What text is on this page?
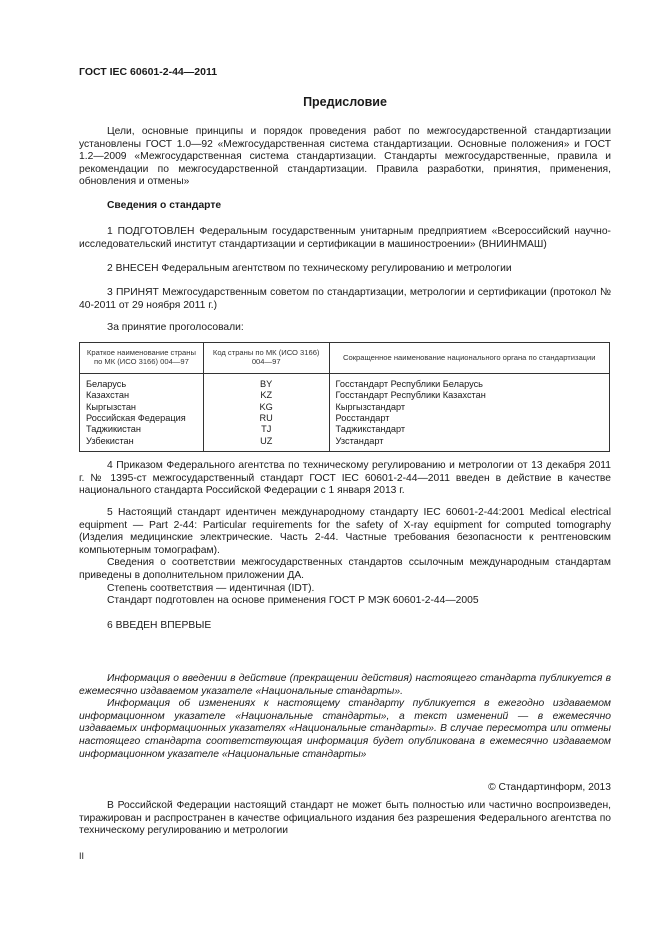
ГОСТ IEC 60601-2-44—2011
Предисловие

Цели, основные принципы и порядок проведения работ по межгосударственной стандартизации установлены ГОСТ 1.0—92 «Межгосударственная система стандартизации. Основные положения» и ГОСТ 1.2—2009 «Межгосударственная система стандартизации. Стандарты межгосударственные, правила и рекомендации по межгосударственной стандартизации. Правила разработки, принятия, применения, обновления и отмены»

Сведения о стандарте

1 ПОДГОТОВЛЕН Федеральным государственным унитарным предприятием «Всероссийский научно-исследовательский институт стандартизации и сертификации в машиностроении» (ВНИИНМАШ)

2 ВНЕСЕН Федеральным агентством по техническому регулированию и метрологии

3 ПРИНЯТ Межгосударственным советом по стандартизации, метрологии и сертификации (протокол № 40-2011 от 29 ноября 2011 г.)

За принятие проголосовали:

Краткое наименование страны по МК (ИСО 3166) 004—97	Код страны по МК (ИСО 3166) 004—97	Сокращенное наименование национального органа по стандартизации
Беларусь	BY	Госстандарт Республики Беларусь
Казахстан	KZ	Госстандарт Республики Казахстан
Кыргызстан	KG	Кыргызстандарт
Российская Федерация	RU	Росстандарт
Таджикистан	TJ	Таджикстандарт
Узбекистан	UZ	Узстандарт

4 Приказом Федерального агентства по техническому регулированию и метрологии от 13 декабря 2011 г. № 1395-ст межгосударственный стандарт ГОСТ IEC 60601-2-44—2011 введен в действие в качестве национального стандарта Российской Федерации с 1 января 2013 г.

5 Настоящий стандарт идентичен международному стандарту IEC 60601-2-44:2001 Medical electrical equipment — Part 2-44: Particular requirements for the safety of X-ray equipment for computed tomography (Изделия медицинские электрические. Часть 2-44. Частные требования безопасности к рентгеновским компьютерным томографам).

Сведения о соответствии межгосударственных стандартов ссылочным международным стандартам приведены в дополнительном приложении ДА.

Степень соответствия — идентичная (IDT).

Стандарт подготовлен на основе применения ГОСТ Р МЭК 60601-2-44—2005

6 ВВЕДЕН ВПЕРВЫЕ

Информация о введении в действие (прекращении действия) настоящего стандарта публикуется в ежемесячно издаваемом указателе «Национальные стандарты».

Информация об изменениях к настоящему стандарту публикуется в ежегодно издаваемом информационном указателе «Национальные стандарты», а текст изменений — в ежемесячно издаваемых информационных указателях «Национальные стандарты». В случае пересмотра или отмены настоящего стандарта соответствующая информация будет опубликована в ежемесячно издаваемом информационном указателе «Национальные стандарты»

© Стандартинформ, 2013

В Российской Федерации настоящий стандарт не может быть полностью или частично воспроизведен, тиражирован и распространен в качестве официального издания без разрешения Федерального агентства по техническому регулированию и метрологии

II
